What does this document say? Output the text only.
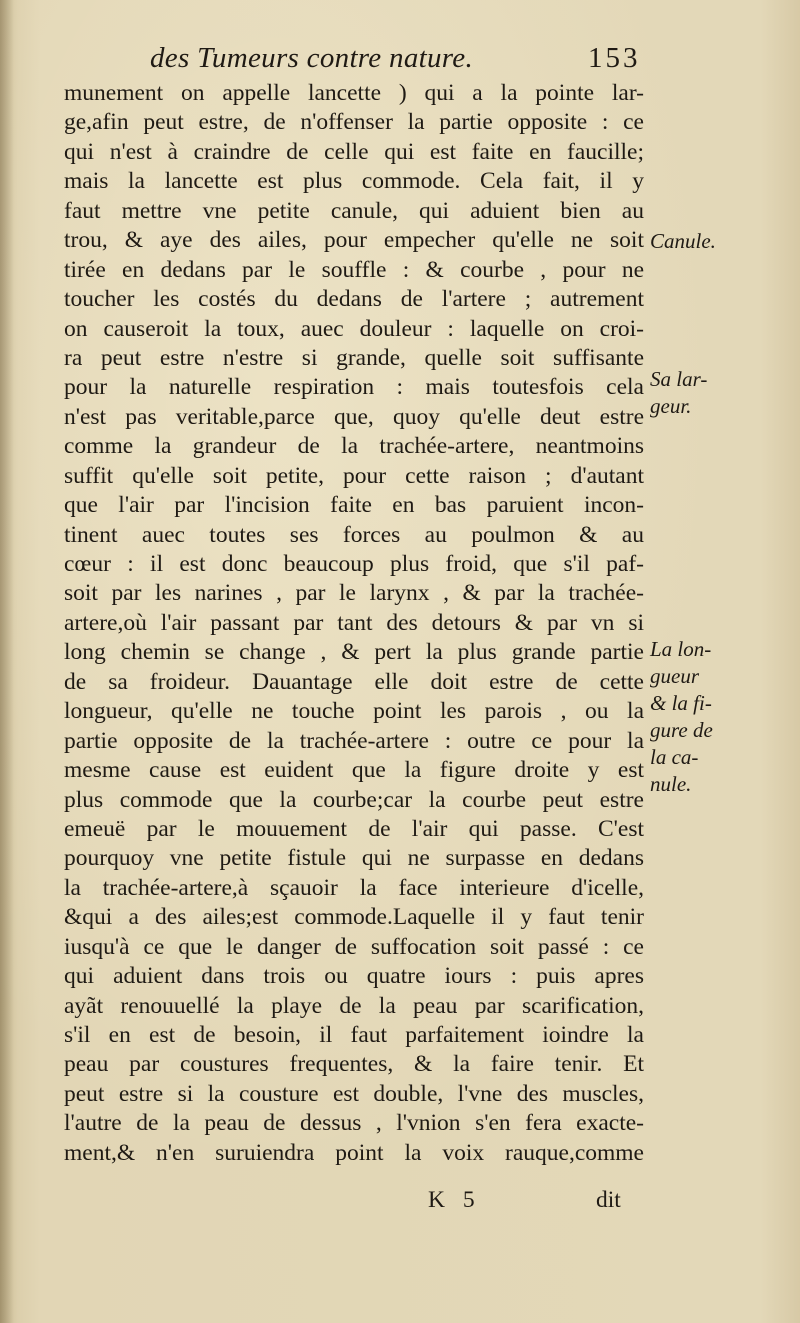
des Tumeurs contre nature.	153
munement on appelle lancette ) qui a la pointe lar-
ge,afin peut estre, de n'offenser la partie opposite : ce
qui n'est à craindre de celle qui est faite en faucille;
mais la lancette est plus commode. Cela fait, il y
faut mettre vne petite canule, qui aduient bien au
trou, & aye des ailes, pour empecher qu'elle ne soit
tirée en dedans par le souffle : & courbe , pour ne
toucher les costés du dedans de l'artere ; autrement
on causeroit la toux, auec douleur : laquelle on croi-
ra peut estre n'estre si grande, quelle soit suffisante
pour la naturelle respiration : mais toutesfois cela
n'est pas veritable,parce que, quoy qu'elle deut estre
comme la grandeur de la trachée-artere, neantmoins
suffit qu'elle soit petite, pour cette raison ; d'autant
que l'air par l'incision faite en bas paruient incon-
tinent auec toutes ses forces au poulmon & au
cœur : il est donc beaucoup plus froid, que s'il paf-
soit par les narines , par le larynx , & par la trachée-
artere,où l'air passant par tant des detours & par vn si
long chemin se change , & pert la plus grande partie
de sa froideur. Dauantage elle doit estre de cette
longueur, qu'elle ne touche point les parois , ou la
partie opposite de la trachée-artere : outre ce pour la
mesme cause est euident que la figure droite y est
plus commode que la courbe;car la courbe peut estre
emeuë par le mouuement de l'air qui passe. C'est
pourquoy vne petite fistule qui ne surpasse en dedans
la trachée-artere,à sçauoir la face interieure d'icelle,
&qui a des ailes;est commode.Laquelle il y faut tenir
iusqu'à ce que le danger de suffocation soit passé : ce
qui aduient dans trois ou quatre iours : puis apres
ayãt renouuellé la playe de la peau par scarification,
s'il en est de besoin, il faut parfaitement ioindre la
peau par coustures frequentes, & la faire tenir. Et
peut estre si la cousture est double, l'vne des muscles,
l'autre de la peau de dessus , l'vnion s'en fera exacte-
ment,& n'en suruiendra point la voix rauque,comme
Canule.
Sa lar-
geur.
La lon-
gueur
& la fi-
gure de
la ca-
nule.
K 5	dit
